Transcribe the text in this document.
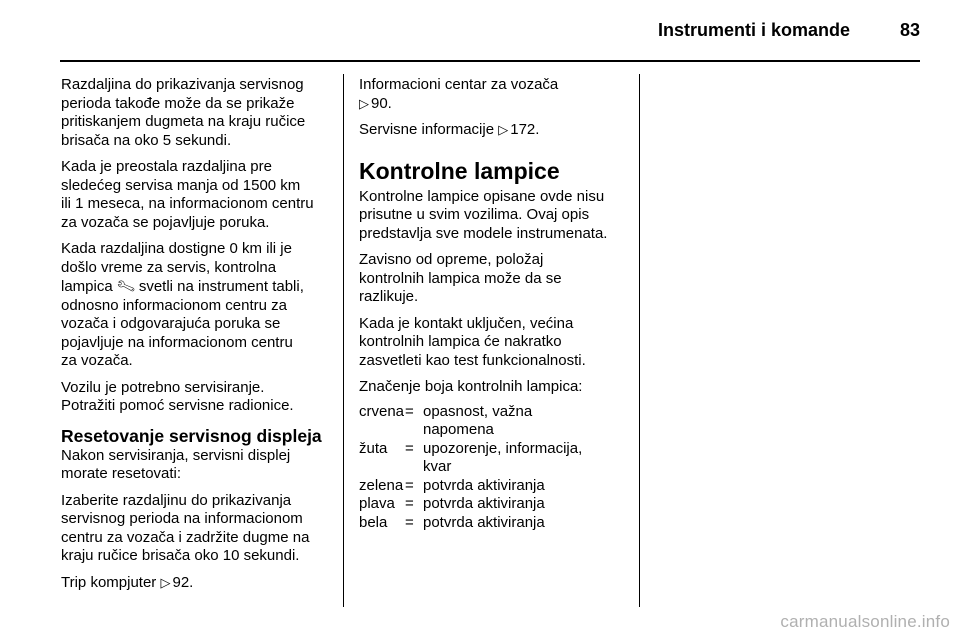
Instrumenti i komande	83

Razdaljina do prikazivanja servisnog
perioda takođe može da se prikaže
pritiskanjem dugmeta na kraju ručice
brisača na oko 5 sekundi.

Kada je preostala razdaljina pre
sledećeg servisa manja od 1500 km
ili 1 meseca, na informacionom centru
za vozača se pojavljuje poruka.

Kada razdaljina dostigne 0 km ili je
došlo vreme za servis, kontrolna
lampica 🔧︎ svetli na instrument tabli,
odnosno informacionom centru za
vozača i odgovarajuća poruka se
pojavljuje na informacionom centru
za vozača.

Vozilu je potrebno servisiranje.
Potražiti pomoć servisne radionice.

Resetovanje servisnog displeja

Nakon servisiranja, servisni displej
morate resetovati:

Izaberite razdaljinu do prikazivanja
servisnog perioda na informacionom
centru za vozača i zadržite dugme na
kraju ručice brisača oko 10 sekundi.

Trip kompjuter ▷ 92.

Informacioni centar za vozača
▷ 90.

Servisne informacije ▷ 172.

Kontrolne lampice

Kontrolne lampice opisane ovde nisu
prisutne u svim vozilima. Ovaj opis
predstavlja sve modele instrumenata.

Zavisno od opreme, položaj
kontrolnih lampica može da se
razlikuje.

Kada je kontakt uključen, većina
kontrolnih lampica će nakratko
zasvetleti kao test funkcionalnosti.

Značenje boja kontrolnih lampica:

crvena	=	opasnost, važna
napomena

žuta	=	upozorenje, informacija,
kvar

zelena	=	potvrda aktiviranja

plava	=	potvrda aktiviranja

bela	=	potvrda aktiviranja
carmanualsonline.info
